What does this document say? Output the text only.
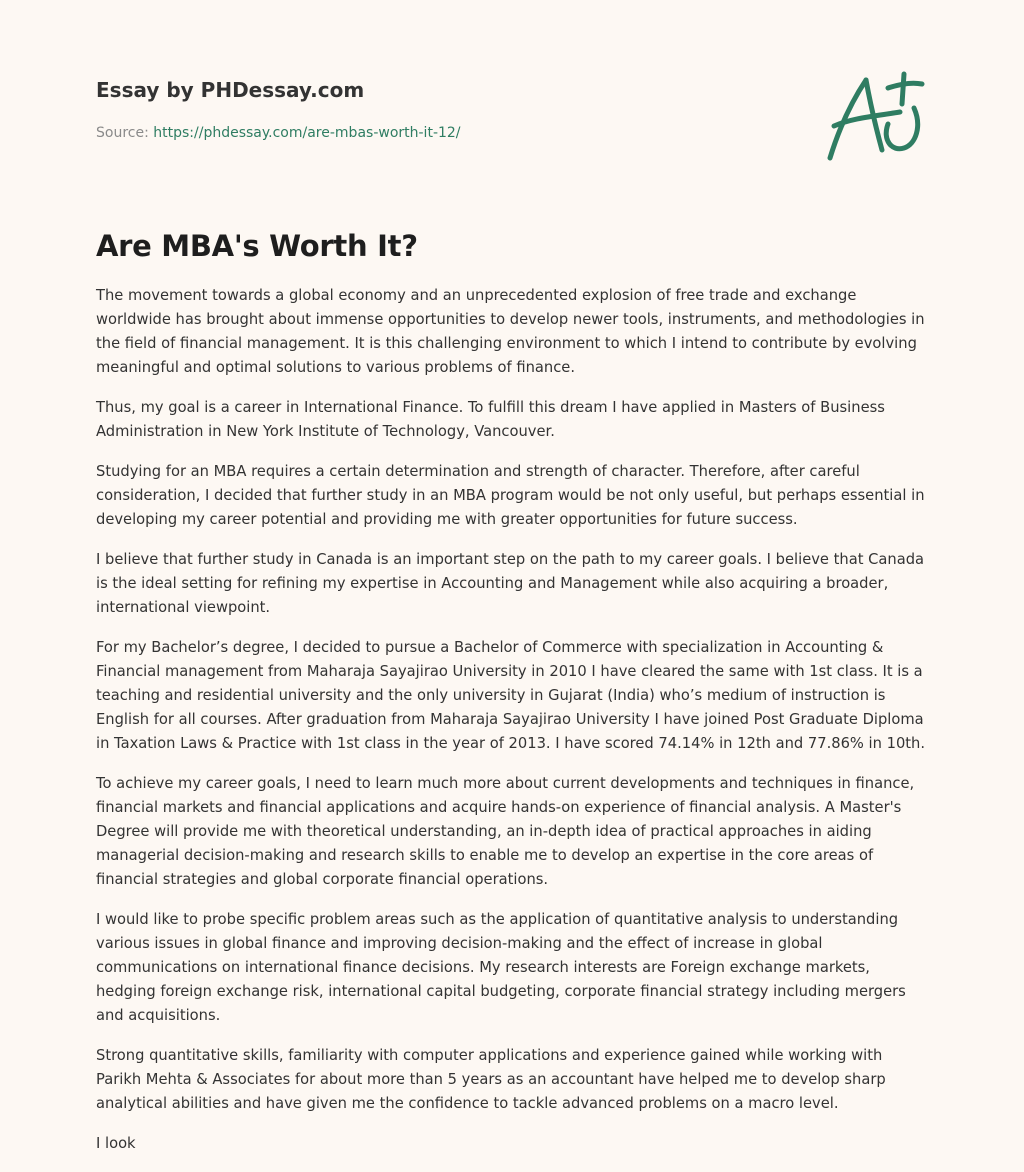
Essay by PHDessay.com
Source: https://phdessay.com/are-mbas-worth-it-12/
Are MBA's Worth It?

The movement towards a global economy and an unprecedented explosion of free trade and exchange worldwide has brought about immense opportunities to develop newer tools, instruments, and methodologies in the field of financial management. It is this challenging environment to which I intend to contribute by evolving meaningful and optimal solutions to various problems of finance.

Thus, my goal is a career in International Finance. To fulfill this dream I have applied in Masters of Business Administration in New York Institute of Technology, Vancouver.

Studying for an MBA requires a certain determination and strength of character. Therefore, after careful consideration, I decided that further study in an MBA program would be not only useful, but perhaps essential in developing my career potential and providing me with greater opportunities for future success.

I believe that further study in Canada is an important step on the path to my career goals. I believe that Canada is the ideal setting for refining my expertise in Accounting and Management while also acquiring a broader, international viewpoint.

For my Bachelor’s degree, I decided to pursue a Bachelor of Commerce with specialization in Accounting & Financial management from Maharaja Sayajirao University in 2010 I have cleared the same with 1st class. It is a teaching and residential university and the only university in Gujarat (India) who’s medium of instruction is English for all courses. After graduation from Maharaja Sayajirao University I have joined Post Graduate Diploma in Taxation Laws & Practice with 1st class in the year of 2013. I have scored 74.14% in 12th and 77.86% in 10th.

To achieve my career goals, I need to learn much more about current developments and techniques in finance, financial markets and financial applications and acquire hands-on experience of financial analysis. A Master's Degree will provide me with theoretical understanding, an in-depth idea of practical approaches in aiding managerial decision-making and research skills to enable me to develop an expertise in the core areas of financial strategies and global corporate financial operations.

I would like to probe specific problem areas such as the application of quantitative analysis to understanding various issues in global finance and improving decision-making and the effect of increase in global communications on international finance decisions. My research interests are Foreign exchange markets, hedging foreign exchange risk, international capital budgeting, corporate financial strategy including mergers and acquisitions.

Strong quantitative skills, familiarity with computer applications and experience gained while working with Parikh Mehta & Associates for about more than 5 years as an accountant have helped me to develop sharp analytical abilities and have given me the confidence to tackle advanced problems on a macro level.

I look
